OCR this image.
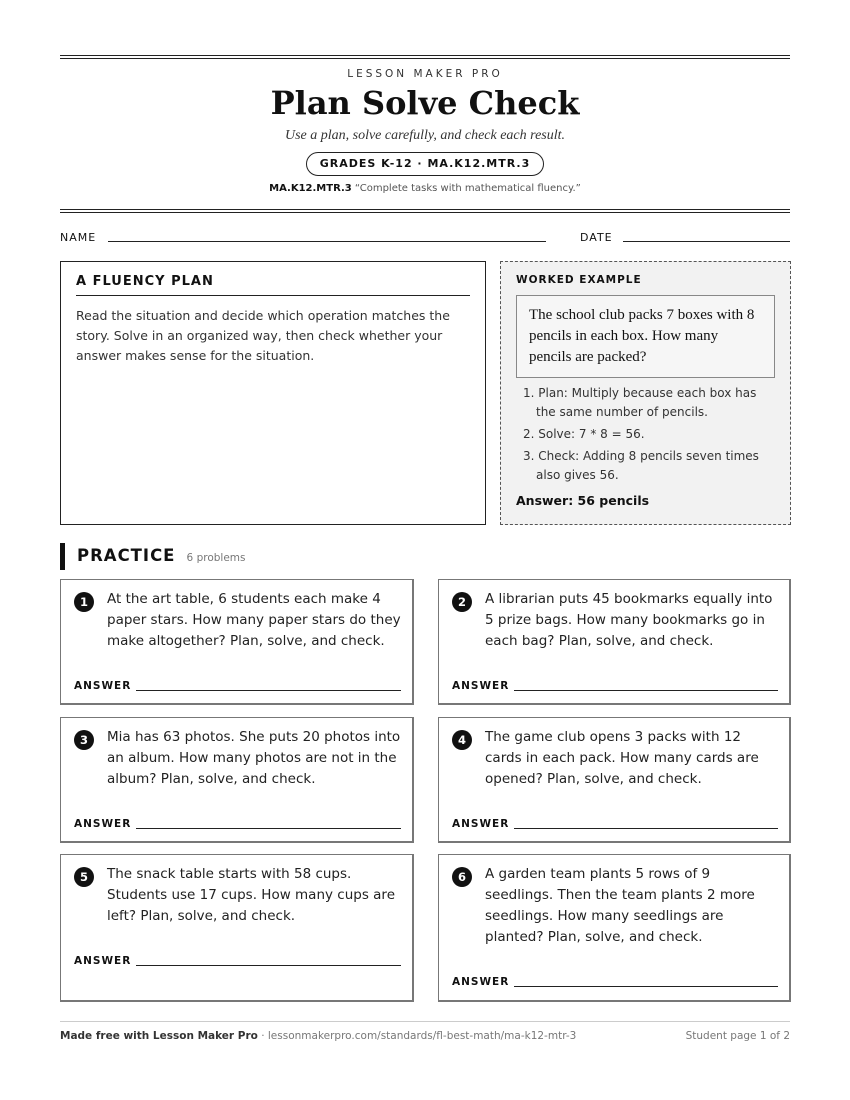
LESSON MAKER PRO
Plan Solve Check
Use a plan, solve carefully, and check each result.
GRADES K-12 · MA.K12.MTR.3
MA.K12.MTR.3 “Complete tasks with mathematical fluency.”
NAME	DATE
A FLUENCY PLAN
Read the situation and decide which operation matches the story. Solve in an organized way, then check whether your answer makes sense for the situation.
WORKED EXAMPLE
The school club packs 7 boxes with 8 pencils in each box. How many pencils are packed?
1. Plan: Multiply because each box has the same number of pencils.
2. Solve: 7 * 8 = 56.
3. Check: Adding 8 pencils seven times also gives 56.
Answer: 56 pencils
PRACTICE 6 problems
1	At the art table, 6 students each make 4 paper stars. How many paper stars do they make altogether? Plan, solve, and check.
ANSWER
2	A librarian puts 45 bookmarks equally into 5 prize bags. How many bookmarks go in each bag? Plan, solve, and check.
ANSWER
3	Mia has 63 photos. She puts 20 photos into an album. How many photos are not in the album? Plan, solve, and check.
ANSWER
4	The game club opens 3 packs with 12 cards in each pack. How many cards are opened? Plan, solve, and check.
ANSWER
5	The snack table starts with 58 cups. Students use 17 cups. How many cups are left? Plan, solve, and check.
ANSWER
6	A garden team plants 5 rows of 9 seedlings. Then the team plants 2 more seedlings. How many seedlings are planted? Plan, solve, and check.
ANSWER
Made free with Lesson Maker Pro · lessonmakerpro.com/standards/fl-best-math/ma-k12-mtr-3	Student page 1 of 2
